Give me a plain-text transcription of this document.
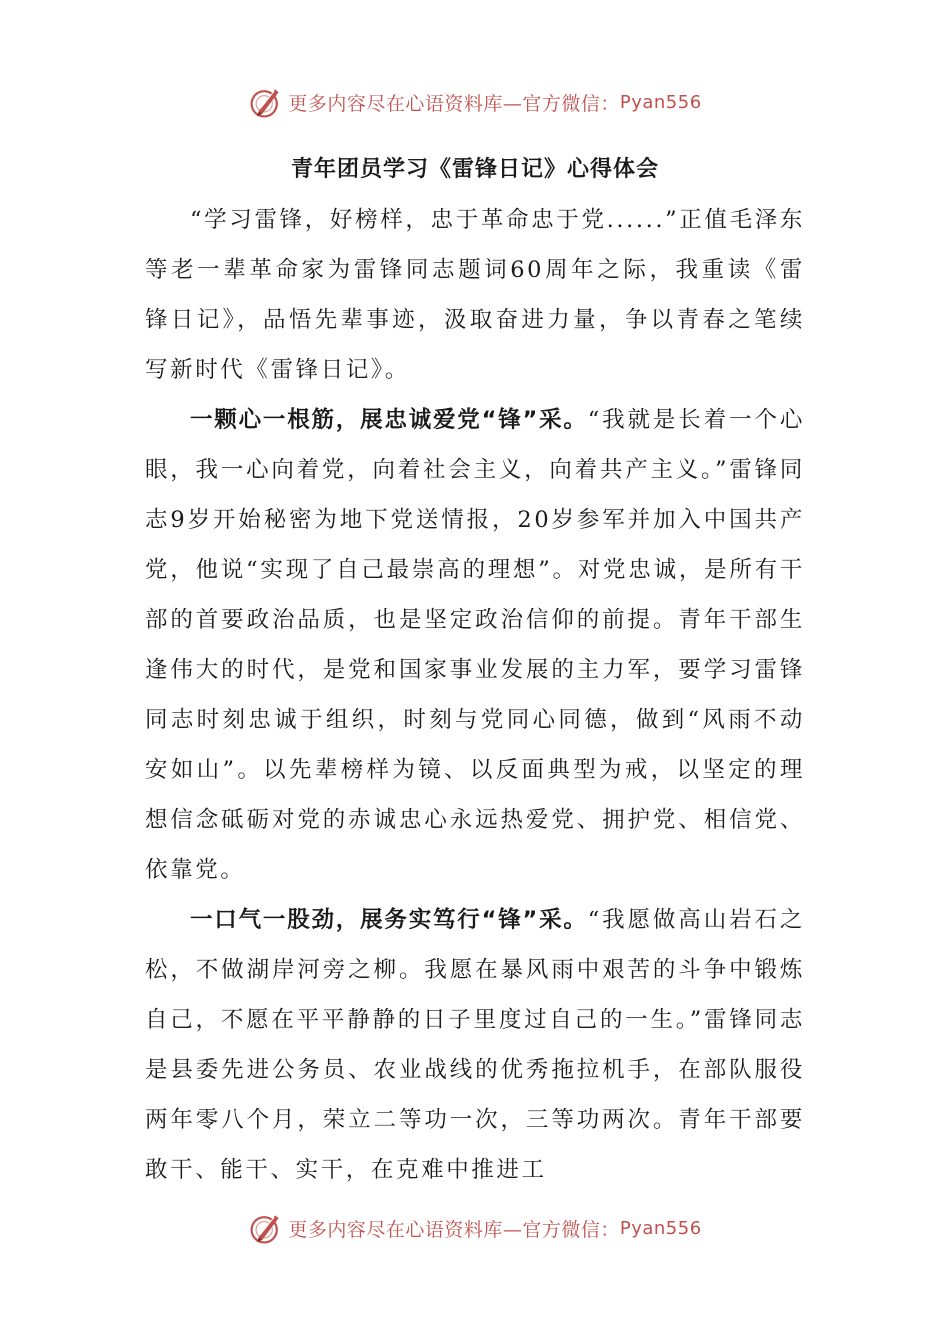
更多内容尽在心语资料库—官方微信： Pyan556
青年团员学习《雷锋日记》心得体会

“学习雷锋，好榜样，忠于革命忠于党......”正值毛泽东等老一辈革命家为雷锋同志题词60周年之际，我重读《雷锋日记》，品悟先辈事迹，汲取奋进力量，争以青春之笔续写新时代《雷锋日记》。

一颗心一根筋，展忠诚爱党“锋”采。“我就是长着一个心眼，我一心向着党，向着社会主义，向着共产主义。”雷锋同志9岁开始秘密为地下党送情报，20岁参军并加入中国共产党，他说“实现了自己最崇高的理想”。对党忠诚，是所有干部的首要政治品质，也是坚定政治信仰的前提。青年干部生逢伟大的时代，是党和国家事业发展的主力军，要学习雷锋同志时刻忠诚于组织，时刻与党同心同德，做到“风雨不动安如山”。以先辈榜样为镜、以反面典型为戒，以坚定的理想信念砥砺对党的赤诚忠心永远热爱党、拥护党、相信党、依靠党。

一口气一股劲，展务实笃行“锋”采。“我愿做高山岩石之松，不做湖岸河旁之柳。我愿在暴风雨中艰苦的斗争中锻炼自己，不愿在平平静静的日子里度过自己的一生。”雷锋同志是县委先进公务员、农业战线的优秀拖拉机手，在部队服役两年零八个月，荣立二等功一次，三等功两次。青年干部要敢干、能干、实干，在克难中推进工

更多内容尽在心语资料库—官方微信： Pyan556
